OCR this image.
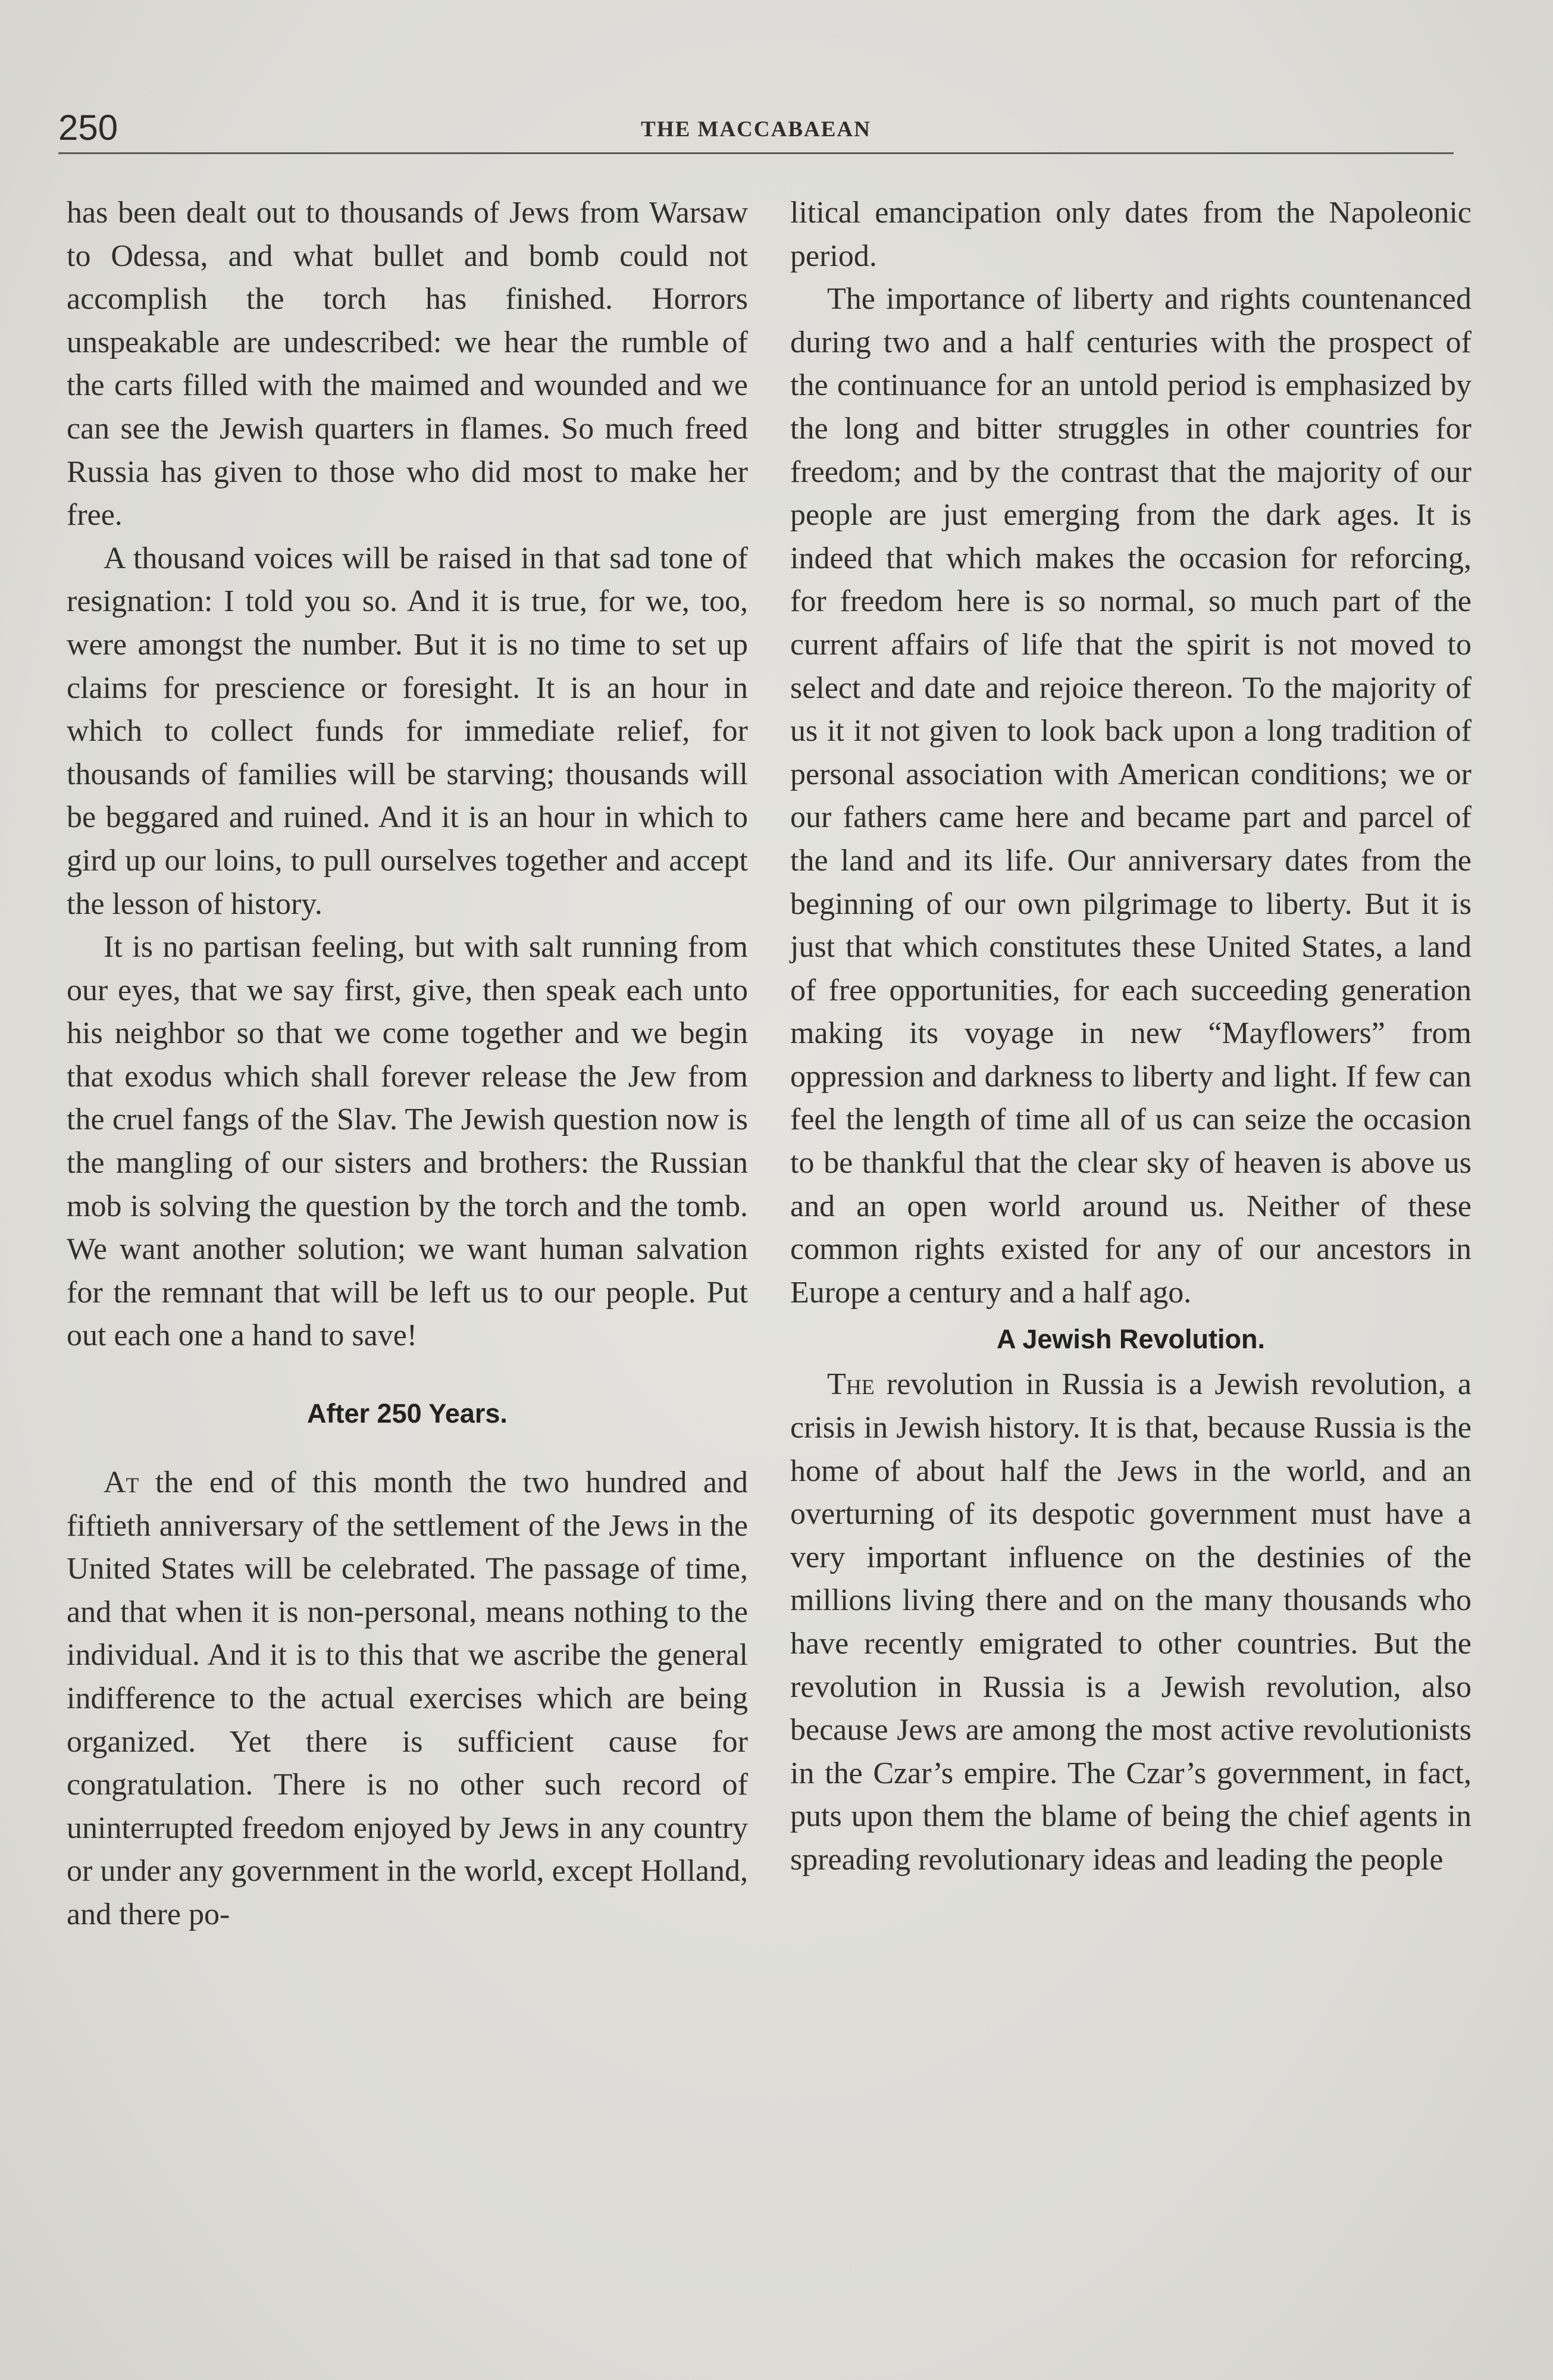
250	THE MACCABAEAN

has been dealt out to thousands of Jews from Warsaw to Odessa, and what bullet and bomb could not accomplish the torch has finished. Horrors unspeakable are undescribed: we hear the rumble of the carts filled with the maimed and wounded and we can see the Jewish quarters in flames. So much freed Russia has given to those who did most to make her free.

A thousand voices will be raised in that sad tone of resignation: I told you so. And it is true, for we, too, were amongst the number. But it is no time to set up claims for prescience or foresight. It is an hour in which to collect funds for immediate relief, for thousands of families will be starving; thousands will be beggared and ruined. And it is an hour in which to gird up our loins, to pull ourselves together and accept the lesson of history.

It is no partisan feeling, but with salt running from our eyes, that we say first, give, then speak each unto his neighbor so that we come together and we begin that exodus which shall forever release the Jew from the cruel fangs of the Slav. The Jewish question now is the mangling of our sisters and brothers: the Russian mob is solving the question by the torch and the tomb. We want another solution; we want human salvation for the remnant that will be left us to our people. Put out each one a hand to save!

After 250 Years.

At the end of this month the two hundred and fiftieth anniversary of the settlement of the Jews in the United States will be celebrated. The passage of time, and that when it is non-personal, means nothing to the individual. And it is to this that we ascribe the general indifference to the actual exercises which are being organized. Yet there is sufficient cause for congratulation. There is no other such record of uninterrupted freedom enjoyed by Jews in any country or under any government in the world, except Holland, and there po-

litical emancipation only dates from the Napoleonic period.

The importance of liberty and rights countenanced during two and a half centuries with the prospect of the continuance for an untold period is emphasized by the long and bitter struggles in other countries for freedom; and by the contrast that the majority of our people are just emerging from the dark ages. It is indeed that which makes the occasion for reforcing, for freedom here is so normal, so much part of the current affairs of life that the spirit is not moved to select and date and rejoice thereon. To the majority of us it it not given to look back upon a long tradition of personal association with American conditions; we or our fathers came here and became part and parcel of the land and its life. Our anniversary dates from the beginning of our own pilgrimage to liberty. But it is just that which constitutes these United States, a land of free opportunities, for each succeeding generation making its voyage in new “Mayflowers” from oppression and darkness to liberty and light. If few can feel the length of time all of us can seize the occasion to be thankful that the clear sky of heaven is above us and an open world around us. Neither of these common rights existed for any of our ancestors in Europe a century and a half ago.

A Jewish Revolution.

The revolution in Russia is a Jewish revolution, a crisis in Jewish history. It is that, because Russia is the home of about half the Jews in the world, and an overturning of its despotic government must have a very important influence on the destinies of the millions living there and on the many thousands who have recently emigrated to other countries. But the revolution in Russia is a Jewish revolution, also because Jews are among the most active revolutionists in the Czar’s empire. The Czar’s government, in fact, puts upon them the blame of being the chief agents in spreading revolutionary ideas and leading the people
